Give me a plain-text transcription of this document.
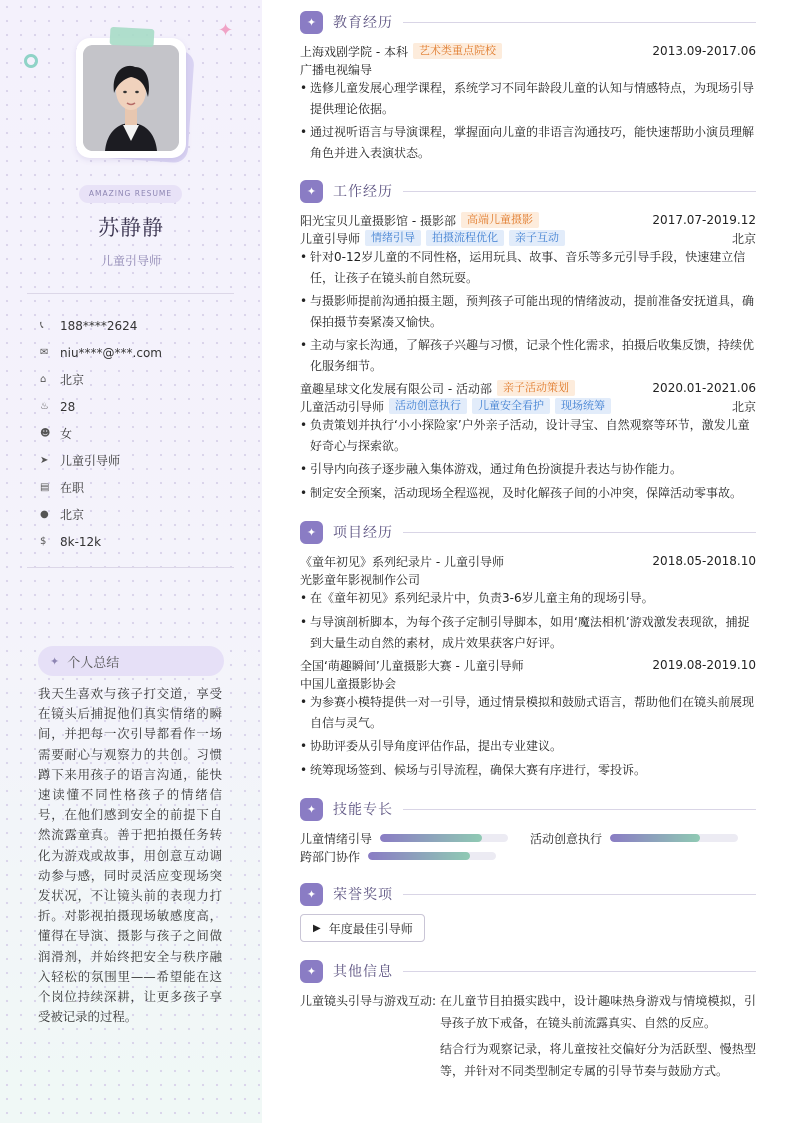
✦
AMAZING RESUME
苏静静
儿童引导师
📞︎	188****2624
✉ niu****@***.com
⌂	北京
♨ 28
☻ 女
➤ 儿童引导师
▤ 在职
● 北京
$	8k-12k
✦ 个人总结
我天生喜欢与孩子打交道，享受在镜头后捕捉他们真实情绪的瞬间，并把每一次引导都看作一场需要耐心与观察力的共创。习惯蹲下来用孩子的语言沟通，能快速读懂不同性格孩子的情绪信号，在他们感到安全的前提下自然流露童真。善于把拍摄任务转化为游戏或故事，用创意互动调动参与感，同时灵活应变现场突发状况，不让镜头前的表现力打折。对影视拍摄现场敏感度高，懂得在导演、摄影与孩子之间做润滑剂，并始终把安全与秩序融入轻松的氛围里——希望能在这个岗位持续深耕，让更多孩子享受被记录的过程。
✦	教育经历
上海戏剧学院 - 本科	艺术类重点院校	2013.09-2017.06
广播电视编导
• 选修儿童发展心理学课程，系统学习不同年龄段儿童的认知与情感特点，为现场引导提供理论依据。
• 通过视听语言与导演课程，掌握面向儿童的非语言沟通技巧，能快速帮助小演员理解角色并进入表演状态。
✦	工作经历
阳光宝贝儿童摄影馆 - 摄影部	高端儿童摄影	2017.07-2019.12
儿童引导师	情绪引导	拍摄流程优化	亲子互动	北京
• 针对0-12岁儿童的不同性格，运用玩具、故事、音乐等多元引导手段，快速建立信任，让孩子在镜头前自然玩耍。
• 与摄影师提前沟通拍摄主题，预判孩子可能出现的情绪波动，提前准备安抚道具，确保拍摄节奏紧凑又愉快。
• 主动与家长沟通，了解孩子兴趣与习惯，记录个性化需求，拍摄后收集反馈，持续优化服务细节。
童趣星球文化发展有限公司 - 活动部	亲子活动策划	2020.01-2021.06
儿童活动引导师	活动创意执行	儿童安全看护	现场统筹	北京
• 负责策划并执行‘小小探险家’户外亲子活动，设计寻宝、自然观察等环节，激发儿童好奇心与探索欲。
• 引导内向孩子逐步融入集体游戏，通过角色扮演提升表达与协作能力。
• 制定安全预案，活动现场全程巡视，及时化解孩子间的小冲突，保障活动零事故。
✦	项目经历
《童年初见》系列纪录片 - 儿童引导师	2018.05-2018.10
光影童年影视制作公司
• 在《童年初见》系列纪录片中，负责3-6岁儿童主角的现场引导。
• 与导演剖析脚本，为每个孩子定制引导脚本，如用‘魔法相机’游戏激发表现欲，捕捉到大量生动自然的素材，成片效果获客户好评。
全国‘萌趣瞬间’儿童摄影大赛 - 儿童引导师	2019.08-2019.10
中国儿童摄影协会
• 为参赛小模特提供一对一引导，通过情景模拟和鼓励式语言，帮助他们在镜头前展现自信与灵气。
• 协助评委从引导角度评估作品，提出专业建议。
• 统筹现场签到、候场与引导流程，确保大赛有序进行，零投诉。
✦	技能专长
儿童情绪引导	活动创意执行
跨部门协作
✦	荣誉奖项
▶ 年度最佳引导师
✦	其他信息
儿童镜头引导与游戏互动: 在儿童节目拍摄实践中，设计趣味热身游戏与情境模拟，引导孩子放下戒备，在镜头前流露真实、自然的反应。
结合行为观察记录，将儿童按社交偏好分为活跃型、慢热型等，并针对不同类型制定专属的引导节奏与鼓励方式。
